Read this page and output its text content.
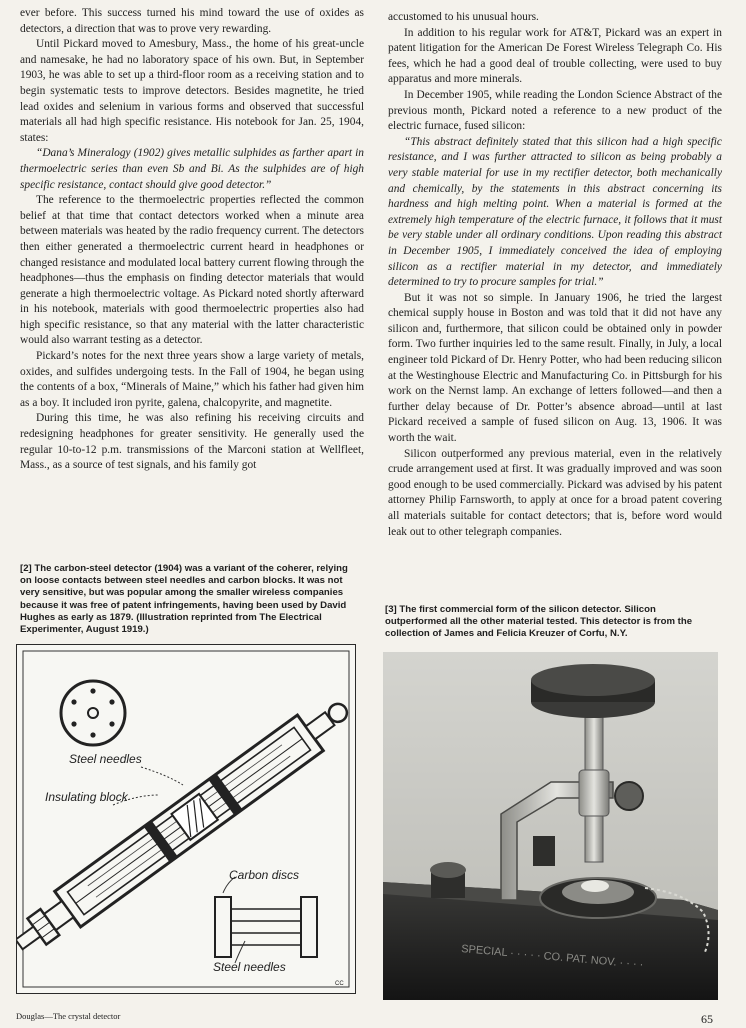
ever before. This success turned his mind toward the use of oxides as detectors, a direction that was to prove very rewarding.

Until Pickard moved to Amesbury, Mass., the home of his great-uncle and namesake, he had no laboratory space of his own. But, in September 1903, he was able to set up a third-floor room as a receiving station and to begin systematic tests to improve detectors. Besides magnetite, he tried lead oxides and selenium in various forms and observed that successful materials all had high specific resistance. His notebook for Jan. 25, 1904, states:

“Dana’s Mineralogy (1902) gives metallic sulphides as farther apart in thermoelectric series than even Sb and Bi. As the sulphides are of high specific resistance, contact should give good detector.”

The reference to the thermoelectric properties reflected the common belief at that time that contact detectors worked when a minute area between materials was heated by the radio frequency current. The detectors then either generated a thermoelectric current heard in headphones or changed resistance and modulated local battery current flowing through the headphones—thus the emphasis on finding detector materials that would generate a high thermoelectric voltage. As Pickard noted shortly afterward in his notebook, materials with good thermoelectric properties also had high specific resistance, so that any material with the latter characteristic would also warrant testing as a detector.

Pickard’s notes for the next three years show a large variety of metals, oxides, and sulfides undergoing tests. In the Fall of 1904, he began using the contents of a box, “Minerals of Maine,” which his father had given him as a boy. It included iron pyrite, galena, chalcopyrite, and magnetite.

During this time, he was also refining his receiving circuits and redesigning headphones for greater sensitivity. He generally used the regular 10-to-12 p.m. transmissions of the Marconi station at Wellfleet, Mass., as a source of test signals, and his family got

accustomed to his unusual hours.

In addition to his regular work for AT&T, Pickard was an expert in patent litigation for the American De Forest Wireless Telegraph Co. His fees, which he had a good deal of trouble collecting, were used to buy apparatus and more minerals.

In December 1905, while reading the London Science Abstract of the previous month, Pickard noted a reference to a new product of the electric furnace, fused silicon:

“This abstract definitely stated that this silicon had a high specific resistance, and I was further attracted to silicon as being probably a very stable material for use in my rectifier detector, both mechanically and chemically, by the statements in this abstract concerning its hardness and high melting point. When a material is formed at the extremely high temperature of the electric furnace, it follows that it must be very stable under all ordinary conditions. Upon reading this abstract in December 1905, I immediately conceived the idea of employing silicon as a rectifier material in my detector, and immediately determined to try to procure samples for trial.”

But it was not so simple. In January 1906, he tried the largest chemical supply house in Boston and was told that it did not have any silicon and, furthermore, that silicon could be obtained only in powder form. Two further inquiries led to the same result. Finally, in July, a local engineer told Pickard of Dr. Henry Potter, who had been reducing silicon at the Westinghouse Electric and Manufacturing Co. in Pittsburgh for his work on the Nernst lamp. An exchange of letters followed—and then a further delay because of Dr. Potter’s absence abroad—until at last Pickard received a sample of fused silicon on Aug. 13, 1906. It was worth the wait.

Silicon outperformed any previous material, even in the relatively crude arrangement used at first. It was gradually improved and was soon good enough to be used commercially. Pickard was advised by his patent attorney Philip Farnsworth, to apply at once for a broad patent covering all materials suitable for contact detectors; that is, before word would leak out to other telegraph companies.

[2] The carbon-steel detector (1904) was a variant of the coherer, relying on loose contacts between steel needles and carbon blocks. It was not very sensitive, but was popular among the smaller wireless companies because it was free of patent infringements, having been used by David Hughes as early as 1879. (Illustration reprinted from The Electrical Experimenter, August 1919.)
Steel needles
Insulating block
Carbon discs
Steel needles
CC
[3] The first commercial form of the silicon detector. Silicon outperformed all the other material tested. This detector is from the collection of James and Felicia Kreuzer of Corfu, N.Y.
SPECIAL · · · · · CO. PAT. NOV. · · · ·
Douglas—The crystal detector	65
